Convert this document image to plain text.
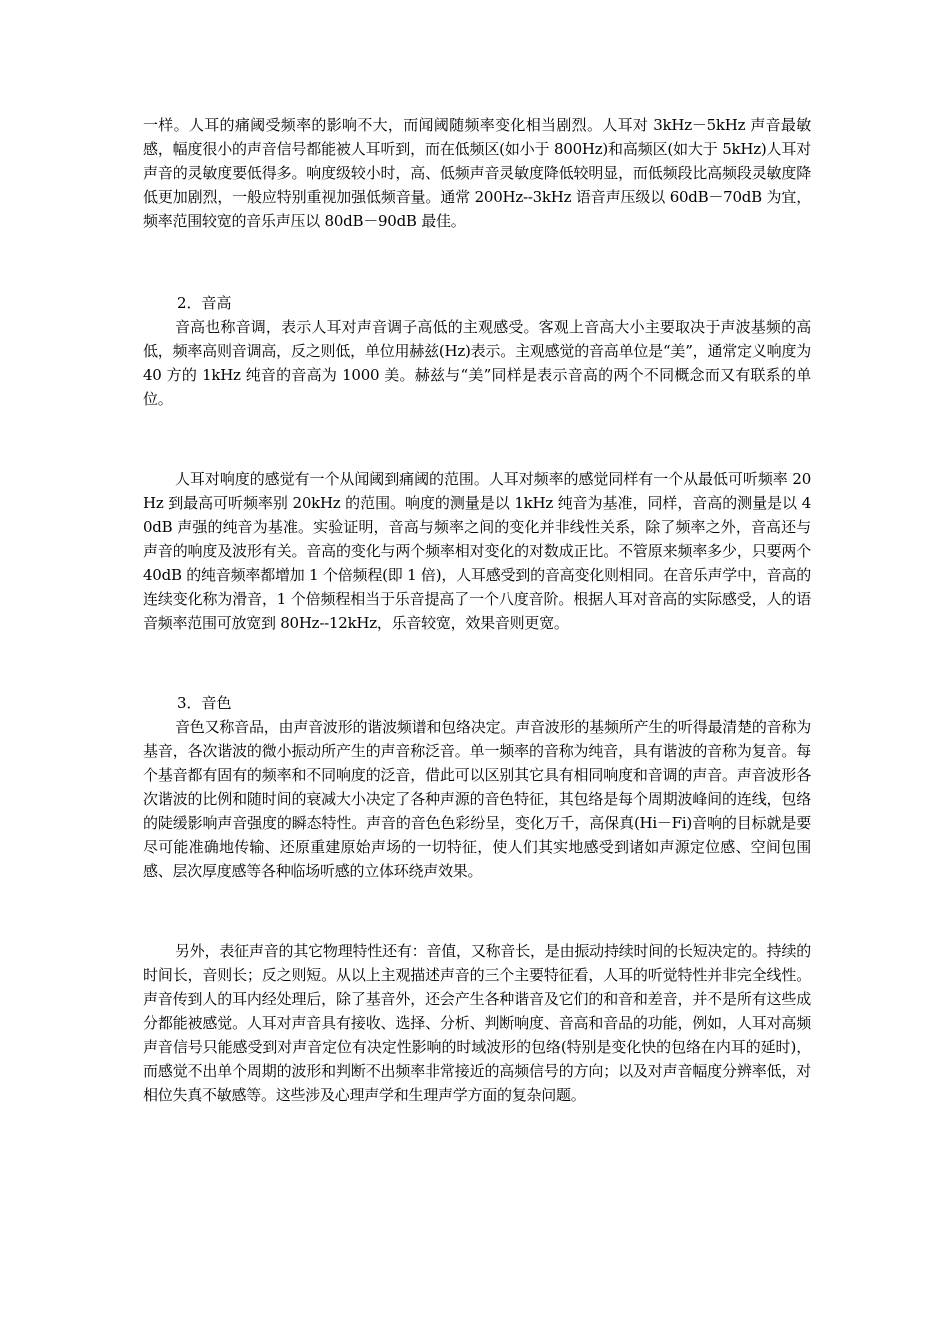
一样。人耳的痛阈受频率的影响不大，而闻阈随频率变化相当剧烈。人耳对 3kHz－5kHz 声音最敏感，幅度很小的声音信号都能被人耳听到，而在低频区(如小于 800Hz)和高频区(如大于 5kHz)人耳对声音的灵敏度要低得多。响度级较小时，高、低频声音灵敏度降低较明显，而低频段比高频段灵敏度降低更加剧烈，一般应特别重视加强低频音量。通常 200Hz--3kHz 语音声压级以 60dB－70dB 为宜，频率范围较宽的音乐声压以 80dB－90dB 最佳。

2．音高

音高也称音调，表示人耳对声音调子高低的主观感受。客观上音高大小主要取决于声波基频的高低，频率高则音调高，反之则低，单位用赫兹(Hz)表示。主观感觉的音高单位是“美”，通常定义响度为 40 方的 1kHz 纯音的音高为 1000 美。赫兹与“美”同样是表示音高的两个不同概念而又有联系的单位。

人耳对响度的感觉有一个从闻阈到痛阈的范围。人耳对频率的感觉同样有一个从最低可听频率 20Hz 到最高可听频率别 20kHz 的范围。响度的测量是以 1kHz 纯音为基准，同样，音高的测量是以 40dB 声强的纯音为基准。实验证明，音高与频率之间的变化并非线性关系，除了频率之外，音高还与声音的响度及波形有关。音高的变化与两个频率相对变化的对数成正比。不管原来频率多少，只要两个 40dB 的纯音频率都增加 1 个倍频程(即 1 倍)，人耳感受到的音高变化则相同。在音乐声学中，音高的连续变化称为滑音，1 个倍频程相当于乐音提高了一个八度音阶。根据人耳对音高的实际感受，人的语音频率范围可放宽到 80Hz--12kHz，乐音较宽，效果音则更宽。

3．音色

音色又称音品，由声音波形的谐波频谱和包络决定。声音波形的基频所产生的听得最清楚的音称为基音，各次谐波的微小振动所产生的声音称泛音。单一频率的音称为纯音，具有谐波的音称为复音。每个基音都有固有的频率和不同响度的泛音，借此可以区别其它具有相同响度和音调的声音。声音波形各次谐波的比例和随时间的衰减大小决定了各种声源的音色特征，其包络是每个周期波峰间的连线，包络的陡缓影响声音强度的瞬态特性。声音的音色色彩纷呈，变化万千，高保真(Hi－Fi)音响的目标就是要尽可能准确地传输、还原重建原始声场的一切特征，使人们其实地感受到诸如声源定位感、空间包围感、层次厚度感等各种临场听感的立体环绕声效果。

另外，表征声音的其它物理特性还有：音值，又称音长，是由振动持续时间的长短决定的。持续的时间长，音则长；反之则短。从以上主观描述声音的三个主要特征看，人耳的听觉特性并非完全线性。声音传到人的耳内经处理后，除了基音外，还会产生各种谐音及它们的和音和差音，并不是所有这些成分都能被感觉。人耳对声音具有接收、选择、分析、判断响度、音高和音品的功能，例如，人耳对高频声音信号只能感受到对声音定位有决定性影响的时域波形的包络(特别是变化快的包络在内耳的延时)，而感觉不出单个周期的波形和判断不出频率非常接近的高频信号的方向；以及对声音幅度分辨率低，对相位失真不敏感等。这些涉及心理声学和生理声学方面的复杂问题。
